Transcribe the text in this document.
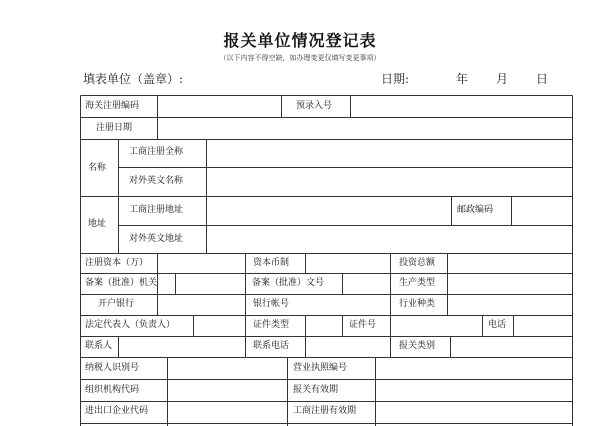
报关单位情况登记表
（以下内容不得空缺，如办理变更仅填写变更事项）
填表单位（盖章）:	日期:	年 月 日
海关注册编码	预录入号
注册日期
名称
工商注册全称
对外英文名称
地址
工商注册地址	邮政编码
对外英文地址
注册资本（万）	资本币制	投资总额
备案（批准）机关	备案（批准）文号	生产类型
开户银行	银行帐号	行业种类
法定代表人（负责人）	证件类型	证件号	电话
联系人	联系电话	报关类别
纳税人识别号	营业执照编号
组织机构代码	报关有效期
进出口企业代码	工商注册有效期
